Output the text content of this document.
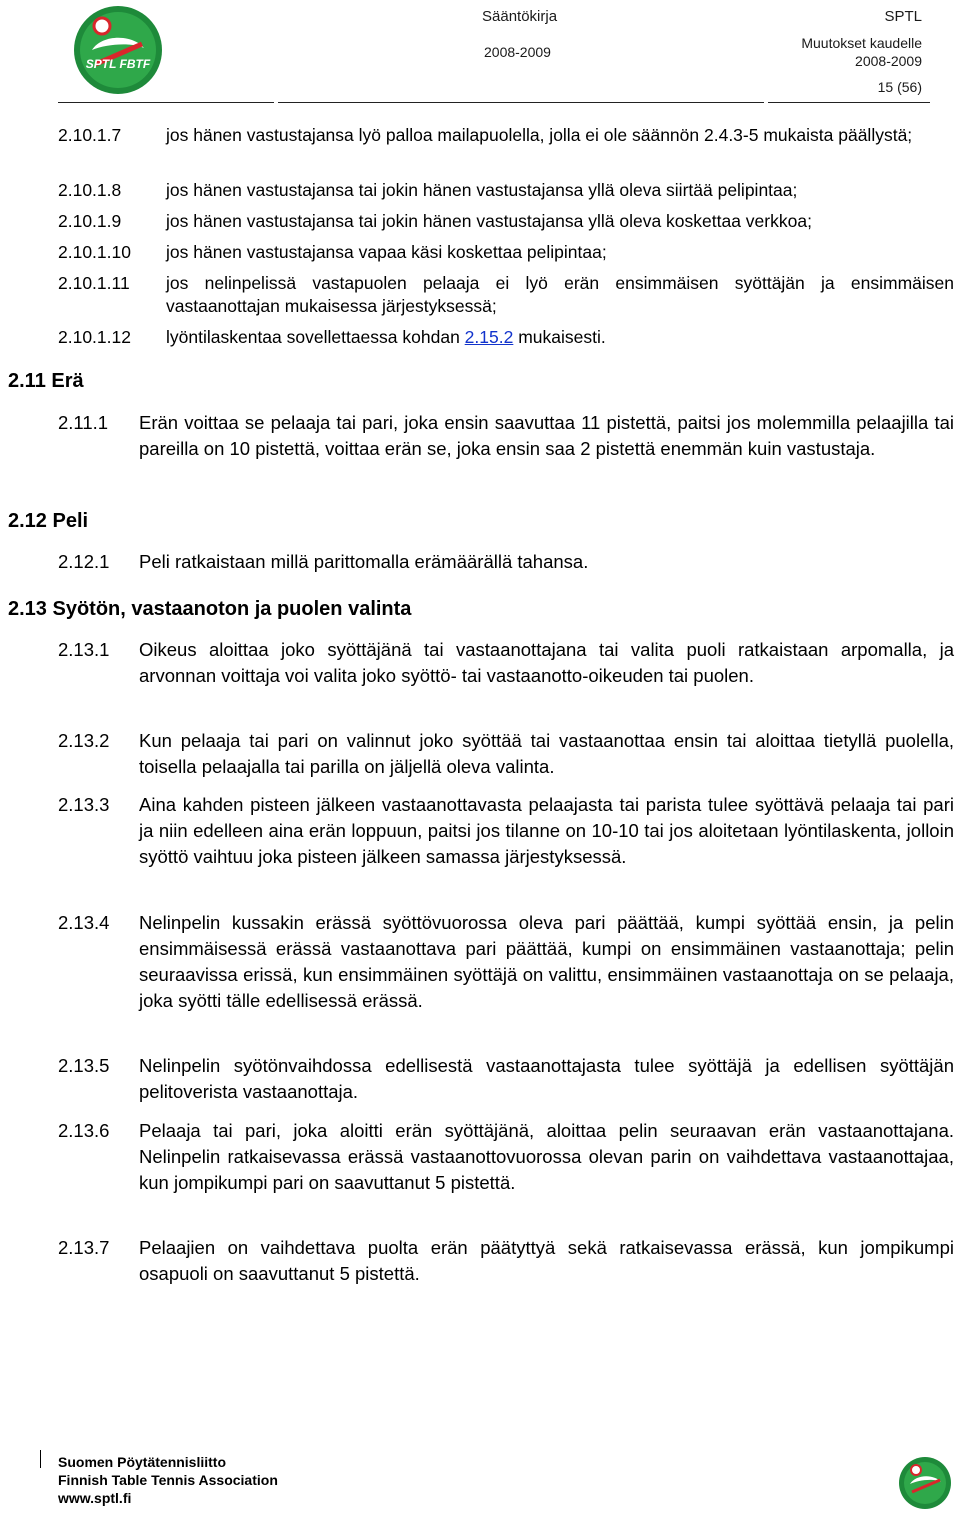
SPTL FBTF
Sääntökirja
2008-2009
SPTL
Muutokset kaudelle
2008-2009
15 (56)
2.10.1.7	jos hänen vastustajansa lyö palloa mailapuolella, jolla ei ole säännön 2.4.3-5 mukaista päällystä;
2.10.1.8	jos hänen vastustajansa tai jokin hänen vastustajansa yllä oleva siirtää pelipintaa;
2.10.1.9	jos hänen vastustajansa tai jokin hänen vastustajansa yllä oleva koskettaa verkkoa;
2.10.1.10 jos hänen vastustajansa vapaa käsi koskettaa pelipintaa;
2.10.1.11 jos nelinpelissä vastapuolen pelaaja ei lyö erän ensimmäisen syöttäjän ja ensimmäisen vastaanottajan mukaisessa järjestyksessä;
2.10.1.12 lyöntilaskentaa sovellettaessa kohdan 2.15.2 mukaisesti.
2.11 Erä
2.11.1 Erän voittaa se pelaaja tai pari, joka ensin saavuttaa 11 pistettä, paitsi jos molemmilla pelaajilla tai pareilla on 10 pistettä, voittaa erän se, joka ensin saa 2 pistettä enemmän kuin vastustaja.
2.12 Peli
2.12.1 Peli ratkaistaan millä parittomalla erämäärällä tahansa.
2.13 Syötön, vastaanoton ja puolen valinta
2.13.1 Oikeus aloittaa joko syöttäjänä tai vastaanottajana tai valita puoli ratkaistaan arpomalla, ja arvonnan voittaja voi valita joko syöttö- tai vastaanotto-oikeuden tai puolen.
2.13.2 Kun pelaaja tai pari on valinnut joko syöttää tai vastaanottaa ensin tai aloittaa tietyllä puolella, toisella pelaajalla tai parilla on jäljellä oleva valinta.
2.13.3 Aina kahden pisteen jälkeen vastaanottavasta pelaajasta tai parista tulee syöttävä pelaaja tai pari ja niin edelleen aina erän loppuun, paitsi jos tilanne on 10-10 tai jos aloitetaan lyöntilaskenta, jolloin syöttö vaihtuu joka pisteen jälkeen samassa järjestyksessä.
2.13.4 Nelinpelin kussakin erässä syöttövuorossa oleva pari päättää, kumpi syöttää ensin, ja pelin ensimmäisessä erässä vastaanottava pari päättää, kumpi on ensimmäinen vastaanottaja; pelin seuraavissa erissä, kun ensimmäinen syöttäjä on valittu, ensimmäinen vastaanottaja on se pelaaja, joka syötti tälle edellisessä erässä.
2.13.5 Nelinpelin syötönvaihdossa edellisestä vastaanottajasta tulee syöttäjä ja edellisen syöttäjän pelitoverista vastaanottaja.
2.13.6 Pelaaja tai pari, joka aloitti erän syöttäjänä, aloittaa pelin seuraavan erän vastaanottajana. Nelinpelin ratkaisevassa erässä vastaanottovuorossa olevan parin on vaihdettava vastaanottajaa, kun jompikumpi pari on saavuttanut 5 pistettä.
2.13.7 Pelaajien on vaihdettava puolta erän päätyttyä sekä ratkaisevassa erässä, kun jompikumpi osapuoli on saavuttanut 5 pistettä.
Suomen Pöytätennisliitto
Finnish Table Tennis Association
www.sptl.fi
